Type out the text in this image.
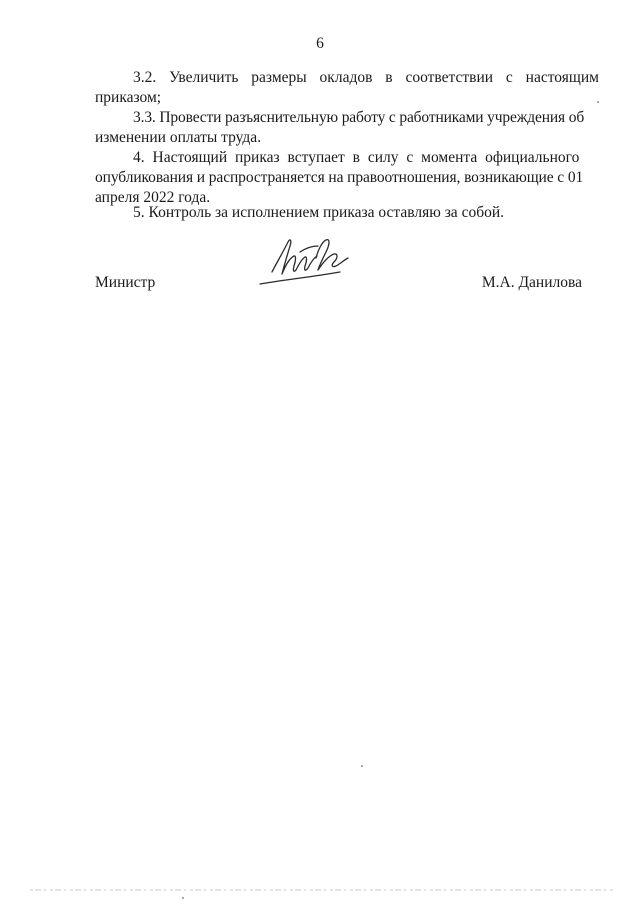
6
3.2. Увеличить размеры окладов в соответствии с настоящим
приказом;
3.3. Провести разъяснительную работу с работниками учреждения об
изменении оплаты труда.
4. Настоящий приказ вступает в силу с момента официального
опубликования и распространяется на правоотношения, возникающие с 01
апреля 2022 года.
5. Контроль за исполнением приказа оставляю за собой.
Министр	М.А. Данилова
